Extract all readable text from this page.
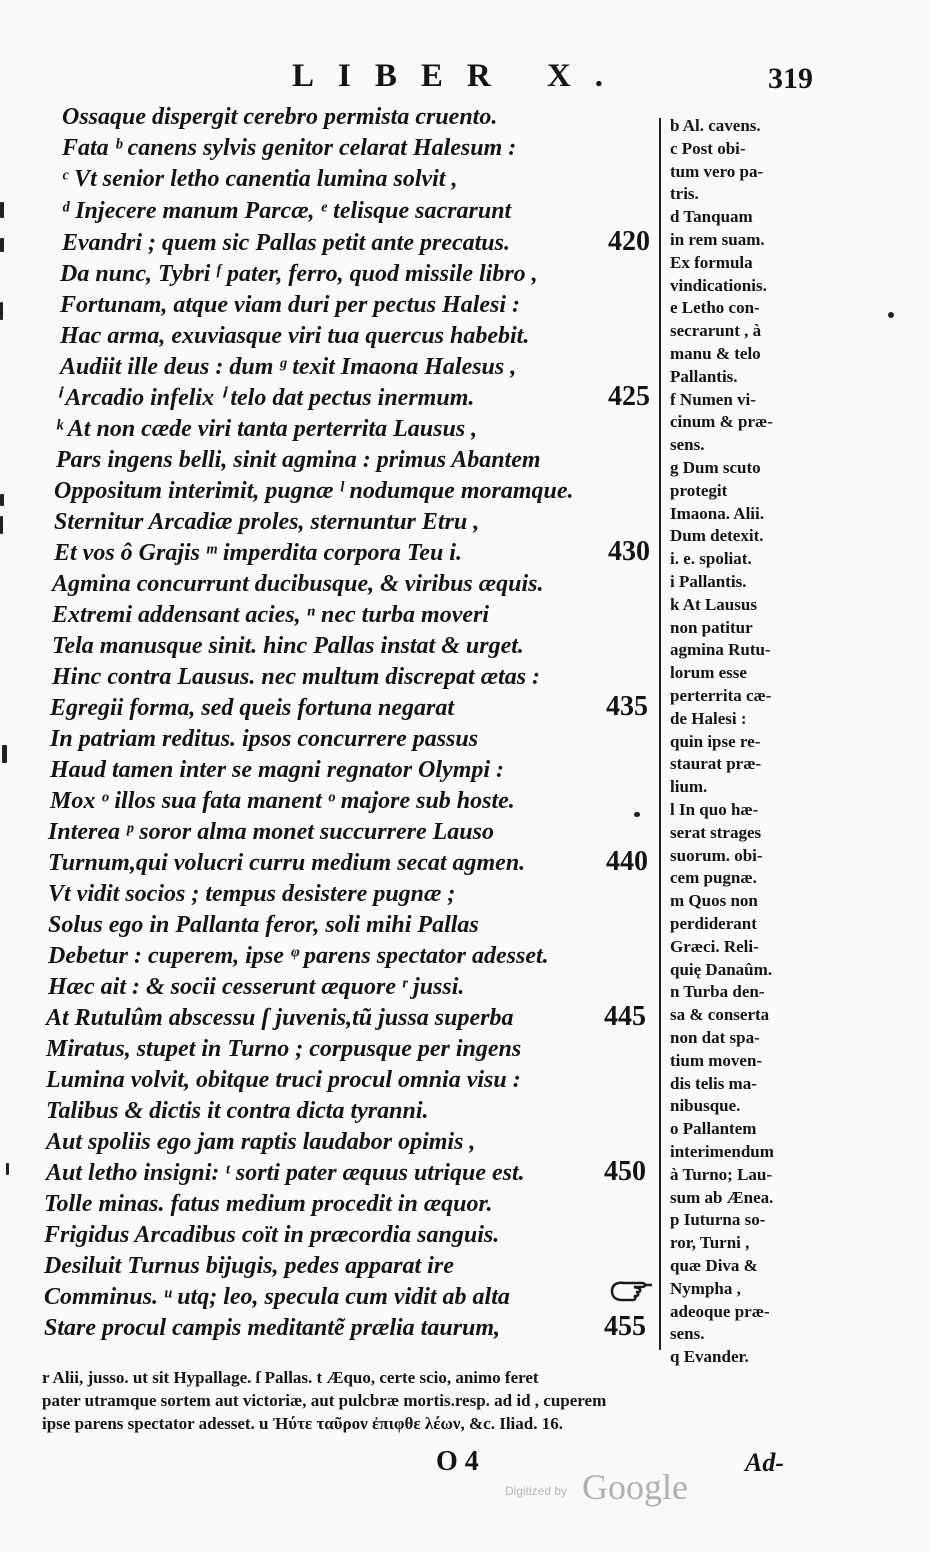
LIBER X.	319
Ossaque dispergit cerebro permista cruento.
Fata ᵇ canens sylvis genitor celarat Halesum :
ᶜ Vt senior letho canentia lumina solvit ,
ᵈ Injecere manum Parcæ, ᵉ telisque sacrarunt
Evandri ; quem sic Pallas petit ante precatus.
Da nunc, Tybri ᶠ pater, ferro, quod missile libro ,
Fortunam, atque viam duri per pectus Halesi :
Hac arma, exuviasque viri tua quercus habebit.
Audiit ille deus : dum ᵍ texit Imaona Halesus ,
ⁱ Arcadio infelix ⁱ telo dat pectus inermum.
ᵏ At non cæde viri tanta perterrita Lausus ,
Pars ingens belli, sinit agmina : primus Abantem
Oppositum interimit, pugnæ ˡ nodumque moramque.
Sternitur Arcadiæ proles, sternuntur Etru⁠ ,
Et vos ô Grajis ᵐ imperdita corpora Teu⁠ i.
Agmina concurrunt ducibusque, & viribus æquis.
Extremi addensant acies, ⁿ nec turba moveri
Tela manusque sinit. hinc Pallas instat & urget.
Hinc contra Lausus. nec multum discrepat ætas :
Egregii forma, sed queis fortuna negarat
In patriam reditus. ipsos concurrere passus
Haud tamen inter se magni regnator Olympi :
Mox ᵒ illos sua fata manent ᵒ majore sub hoste.
Interea ᵖ soror alma monet succurrere Lauso
Turnum,qui volucri curru medium secat agmen.
Vt vidit socios ; tempus desistere pugnæ ;
Solus ego in Pallanta feror, soli mihi Pallas
Debetur : cuperem, ipse ᵠ parens spectator adesset.
Hæc ait : & socii cesserunt æquore ʳ jussi.
At Rutulûm abscessu ſ juvenis,tũ jussa superba
Miratus, stupet in Turno ; corpusque per ingens
Lumina volvit, obitque truci procul omnia visu :
Talibus & dictis it contra dicta tyranni.
Aut spoliis ego jam raptis laudabor opimis ,
Aut letho insigni: ᵗ sorti pater æquus utrique est.
Tolle minas. fatus medium procedit in æquor.
Frigidus Arcadibus coït in præcordia sanguis.
Desiluit Turnus bijugis, pedes apparat ire
Comminus. ᵘ utq; leo, specula cum vidit ab alta
Stare procul campis meditantẽ prælia taurum,
420
425
430
435
440
445
450
455
b Al. cavens.
c Post obi-
tum vero pa-
tris.
d Tanquam
in rem suam.
Ex formula
vindicationis.
e Letho con-
secrarunt , à
manu & telo
Pallantis.
f Numen vi-
cinum & præ-
sens.
g Dum scuto
protegit
Imaona. Alii.
Dum detexit.
i. e. spoliat.
i Pallantis.
k At Lausus
non patitur
agmina Rutu-
lorum esse
perterrita cæ-
de Halesi :
quin ipse re-
staurat præ-
lium.
l In quo hæ-
serat strages
suorum. obi-
cem pugnæ.
m Quos non
perdiderant
Græci. Reli-
quię Danaûm.
n Turba den-
sa & conserta
non dat spa-
tium moven-
dis telis ma-
nibusque.
o Pallantem
interimendum
à Turno; Lau-
sum ab Ænea.
p Iuturna so-
ror, Turni ,
quæ Diva &
Nympha ,
adeoque præ-
sens.
q Evander.
r Alii, jusso. ut sit Hypallage. ſ Pallas. t Æquo, certe scio, animo feret
pater utramque sortem aut victoriæ, aut pulcbræ mortis.resp. ad id , cuperem
ipse parens spectator adesset. u Ἠύτε ταῦρον ἐπιφθε λέων, &c. Iliad. 16.
O 4	Ad-
Digitized by Google
